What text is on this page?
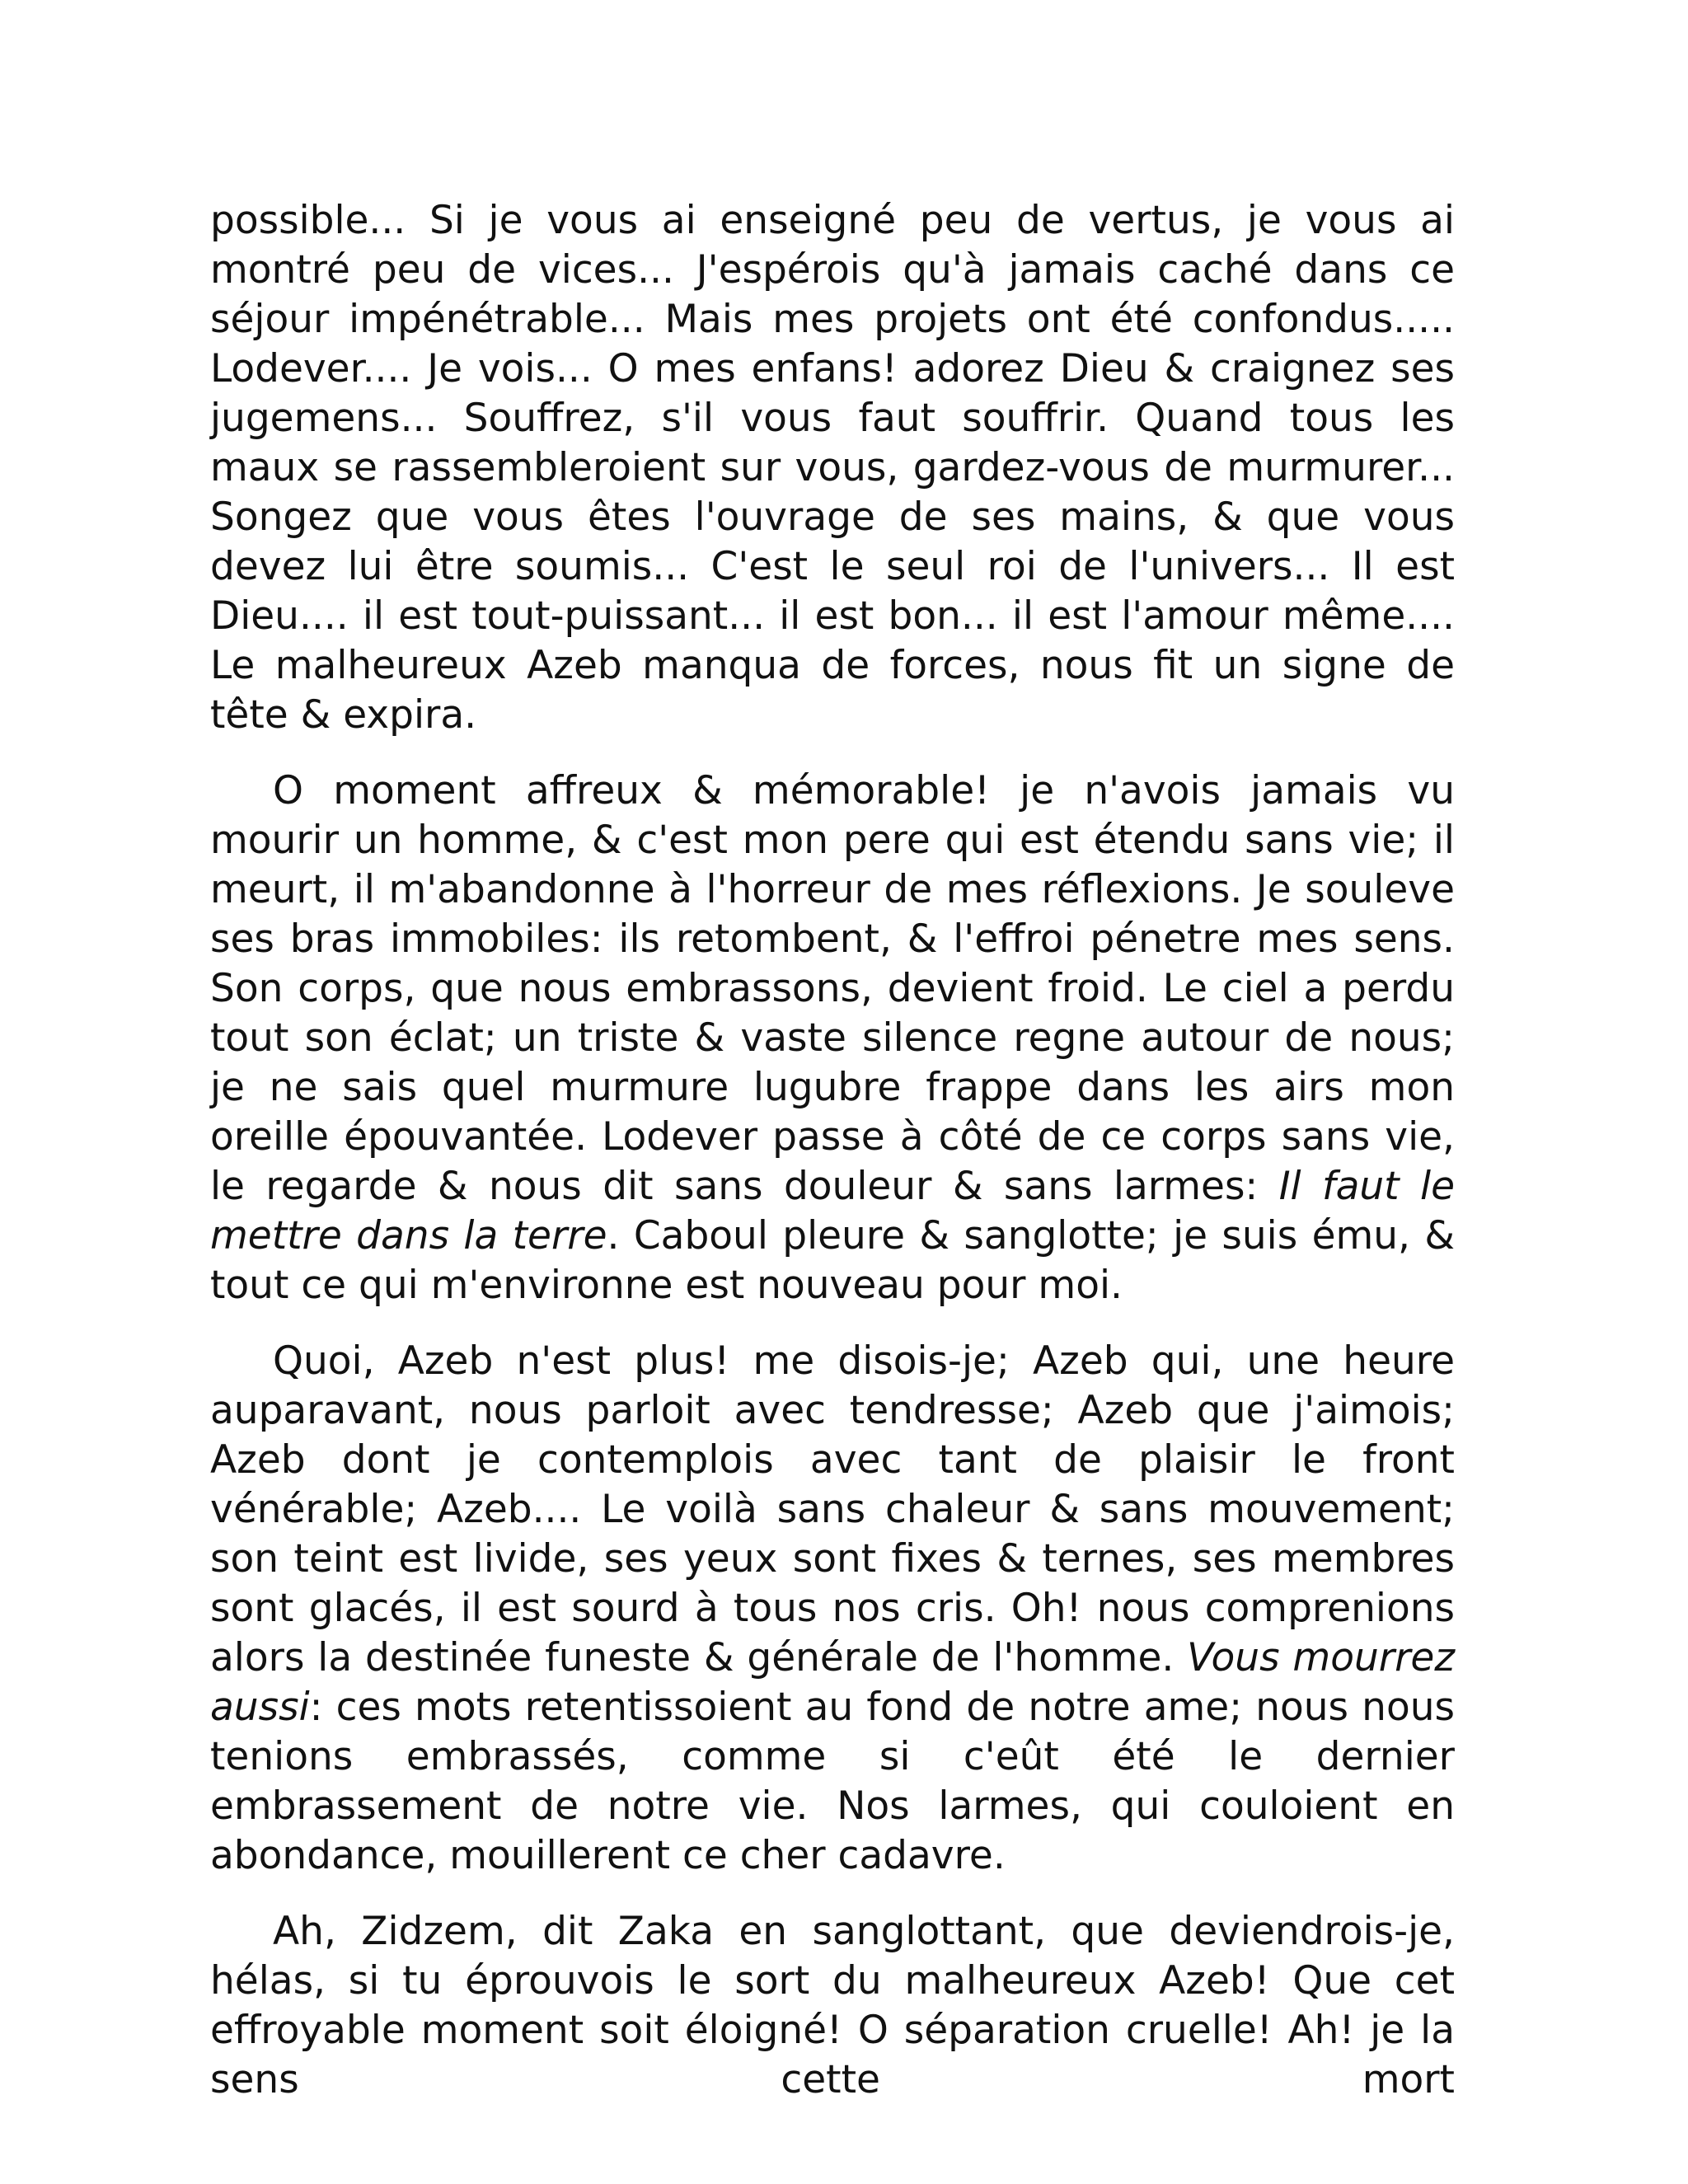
possible... Si je vous ai enseigné peu de vertus, je vous ai montré peu de vices... J'espérois qu'à jamais caché dans ce séjour impénétrable... Mais mes projets ont été confondus..... Lodever.... Je vois... O mes enfans! adorez Dieu & craignez ses jugemens... Souffrez, s'il vous faut souffrir. Quand tous les maux se rassembleroient sur vous, gardez-vous de murmurer... Songez que vous êtes l'ouvrage de ses mains, & que vous devez lui être soumis... C'est le seul roi de l'univers... Il est Dieu.... il est tout-puissant... il est bon... il est l'amour même.... Le malheureux Azeb manqua de forces, nous fit un signe de tête & expira.

O moment affreux & mémorable! je n'avois jamais vu mourir un homme, & c'est mon pere qui est étendu sans vie; il meurt, il m'abandonne à l'horreur de mes réflexions. Je souleve ses bras immobiles: ils retombent, & l'effroi pénetre mes sens. Son corps, que nous embrassons, devient froid. Le ciel a perdu tout son éclat; un triste & vaste silence regne autour de nous; je ne sais quel murmure lugubre frappe dans les airs mon oreille épouvantée. Lodever passe à côté de ce corps sans vie, le regarde & nous dit sans douleur & sans larmes: Il faut le mettre dans la terre. Caboul pleure & sanglotte; je suis ému, & tout ce qui m'environne est nouveau pour moi.

Quoi, Azeb n'est plus! me disois-je; Azeb qui, une heure auparavant, nous parloit avec tendresse; Azeb que j'aimois; Azeb dont je contemplois avec tant de plaisir le front vénérable; Azeb.... Le voilà sans chaleur & sans mouvement; son teint est livide, ses yeux sont fixes & ternes, ses membres sont glacés, il est sourd à tous nos cris. Oh! nous comprenions alors la destinée funeste & générale de l'homme. Vous mourrez aussi: ces mots retentissoient au fond de notre ame; nous nous tenions embrassés, comme si c'eût été le dernier embrassement de notre vie. Nos larmes, qui couloient en abondance, mouillerent ce cher cadavre.

Ah, Zidzem, dit Zaka en sanglottant, que deviendrois-je, hélas, si tu éprouvois le sort du malheureux Azeb! Que cet effroyable moment soit éloigné! O séparation cruelle! Ah! je la sens cette mort
